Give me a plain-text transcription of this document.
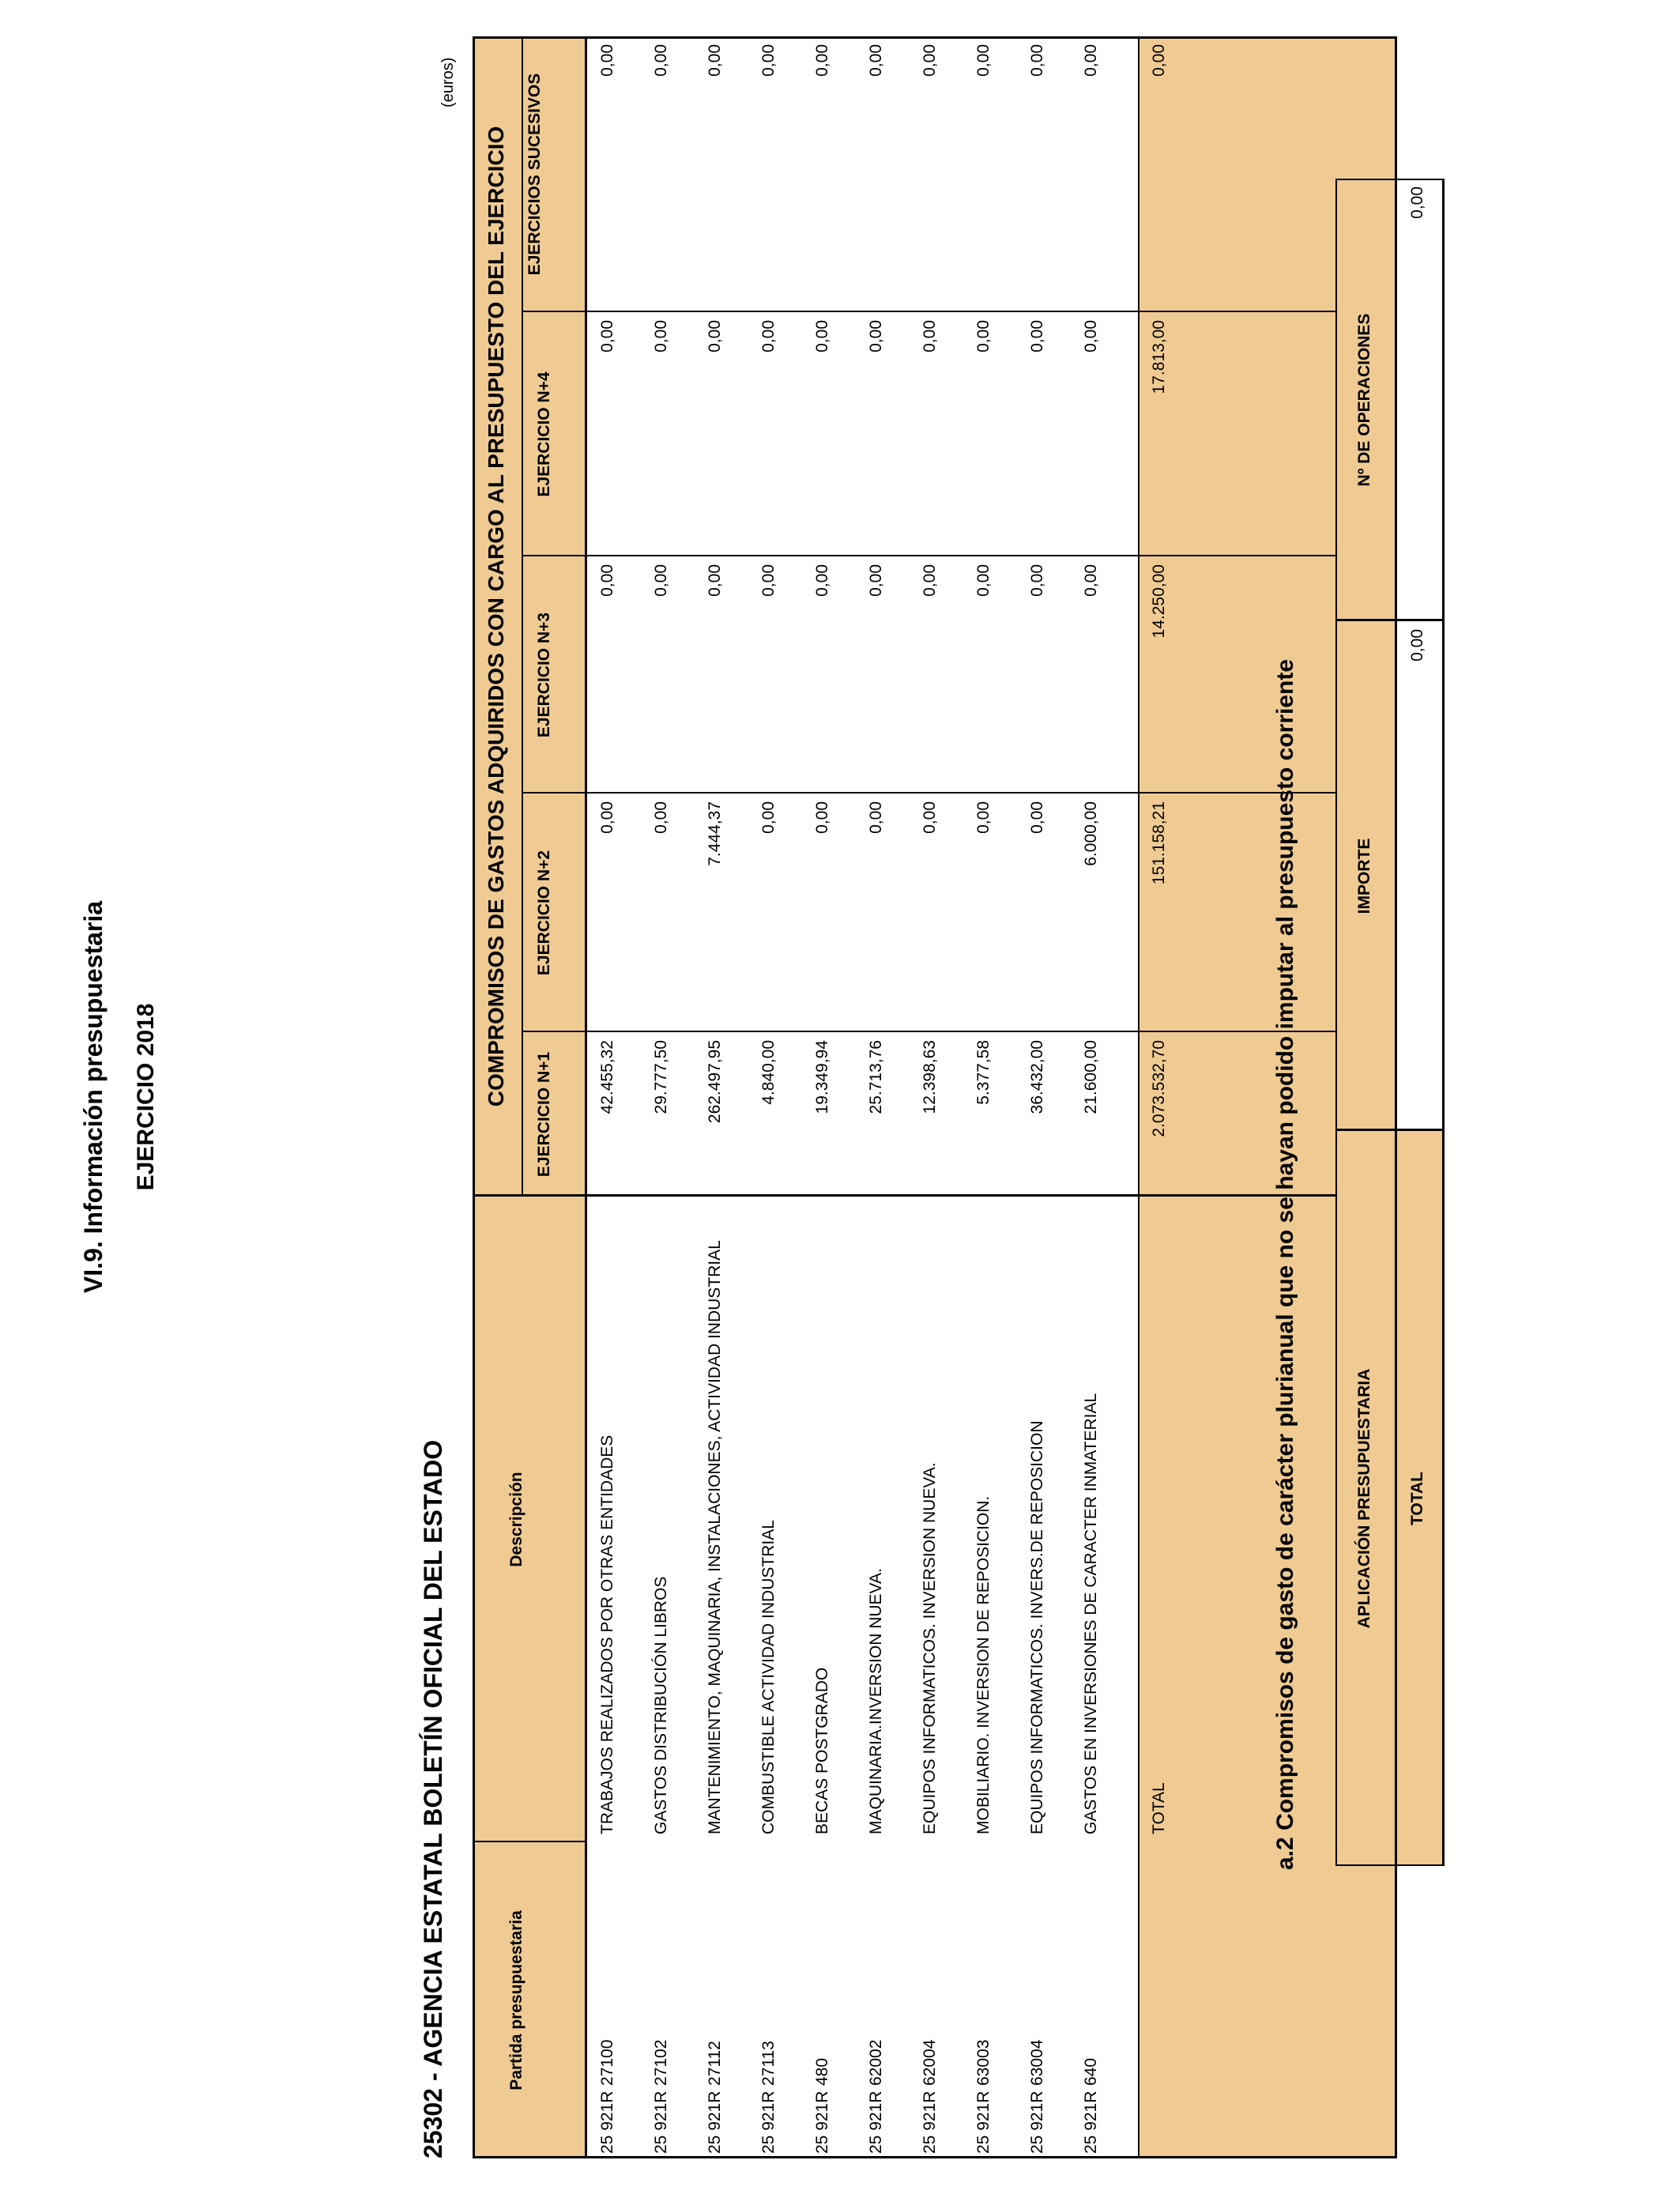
VI.9. Información presupuestaria EJERCICIO 2018
25302 - AGENCIA ESTATAL BOLETÍN OFICIAL DEL ESTADO
(euros)
COMPROMISOS DE GASTOS ADQUIRIDOS CON CARGO AL PRESUPUESTO DEL EJERCICIO
Partida presupuestaria
Descripción
EJERCICIO N+1
EJERCICIO N+2
EJERCICIO N+3
EJERCICIO N+4
EJERCICIOS SUCESIVOS
25 921R
27100
TRABAJOS REALIZADOS POR OTRAS ENTIDADES
42.455,32
0,00
0,00
0,00
0,00
25 921R
27102
GASTOS DISTRIBUCIÓN LIBROS
29.777,50
0,00
0,00
0,00
0,00
25 921R
27112
MANTENIMIENTO, MAQUINARIA, INSTALACIONES, ACTIVIDAD INDUSTRIAL
262.497,95
7.444,37
0,00
0,00
0,00
25 921R
27113
COMBUSTIBLE ACTIVIDAD INDUSTRIAL
4.840,00
0,00
0,00
0,00
0,00
25 921R
480
BECAS POSTGRADO
19.349,94
0,00
0,00
0,00
0,00
25 921R
62002
MAQUINARIA.INVERSION NUEVA.
25.713,76
0,00
0,00
0,00
0,00
25 921R
62004
EQUIPOS INFORMATICOS. INVERSION NUEVA.
12.398,63
0,00
0,00
0,00
0,00
25 921R
63003
MOBILIARIO. INVERSION DE REPOSICION.
5.377,58
0,00
0,00
0,00
0,00
25 921R
63004
EQUIPOS INFORMATICOS. INVERS.DE REPOSICION
36.432,00
0,00
0,00
0,00
0,00
25 921R
640
GASTOS EN INVERSIONES DE CARACTER INMATERIAL
21.600,00
6.000,00
0,00
0,00
0,00
TOTAL
2.073.532,70
151.158,21
14.250,00
17.813,00
0,00
a.2 Compromisos de gasto de carácter plurianual que no se hayan podido imputar al presupuesto corriente	APLICACIÓN PRESUPUESTARIA
IMPORTE
Nº DE OPERACIONES
TOTAL
0,00
0,00
